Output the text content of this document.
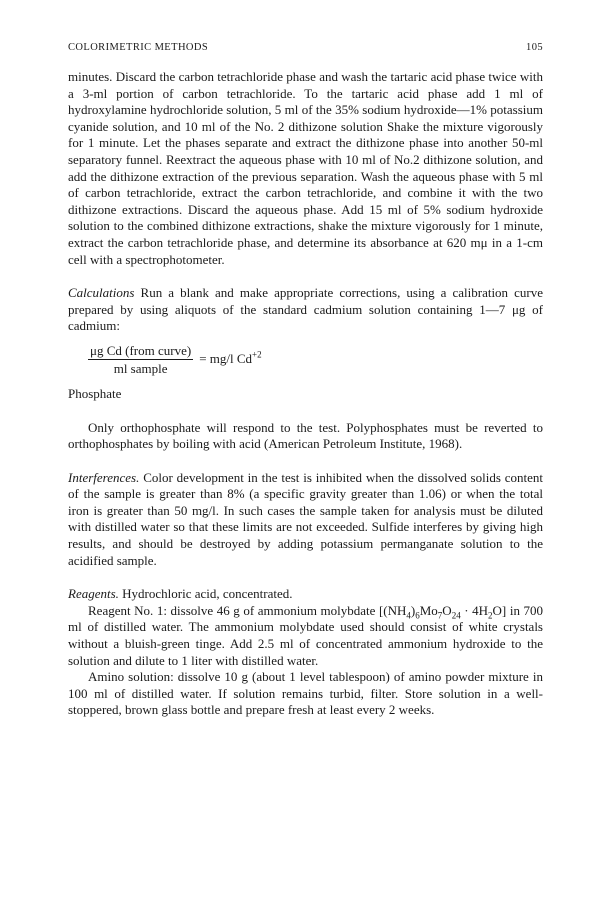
COLORIMETRIC METHODS	105

minutes. Discard the carbon tetrachloride phase and wash the tartaric acid phase twice with a 3-ml portion of carbon tetrachloride. To the tartaric acid phase add 1 ml of hydroxylamine hydrochloride solution, 5 ml of the 35% sodium hydroxide—1% potassium cyanide solution, and 10 ml of the No. 2 dithizone solution Shake the mixture vigorously for 1 minute. Let the phases separate and extract the dithizone phase into another 50-ml separatory funnel. Reextract the aqueous phase with 10 ml of No.2 dithizone solution, and add the dithizone extraction of the previous separation. Wash the aqueous phase with 5 ml of carbon tetrachloride, extract the carbon tetrachloride, and combine it with the two dithizone extractions. Discard the aqueous phase. Add 15 ml of 5% sodium hydroxide solution to the combined dithizone extractions, shake the mixture vigorously for 1 minute, extract the carbon tetrachloride phase, and determine its absorbance at 620 mμ in a 1-cm cell with a spectrophotometer.

Calculations Run a blank and make appropriate corrections, using a calibration curve prepared by using aliquots of the standard cadmium solution containing 1—7 μg of cadmium:

$\frac{\text{μg Cd (from curve)}}{\text{ml sample}} = mg/l$ $Cd^{+2}$
Phosphate

Only orthophosphate will respond to the test. Polyphosphates must be reverted to orthophosphates by boiling with acid (American Petroleum Institute, 1968).

Interferences. Color development in the test is inhibited when the dissolved solids content of the sample is greater than 8% (a specific gravity greater than 1.06) or when the total iron is greater than 50 mg/l. In such cases the sample taken for analysis must be diluted with distilled water so that these limits are not exceeded. Sulfide interferes by giving high results, and should be destroyed by adding potassium permanganate solution to the acidified sample.

Reagents. Hydrochloric acid, concentrated.

Reagent No. 1: dissolve 46 g of ammonium molybdate $[(NH_4)_6Mo_7O_{24} \cdot 4H_2O]$ in 700 ml of distilled water. The ammonium molybdate used should consist of white crystals without a bluish-green tinge. Add 2.5 ml of concentrated ammonium hydroxide to the solution and dilute to 1 liter with distilled water.

Amino solution: dissolve 10 g (about 1 level tablespoon) of amino powder mixture in 100 ml of distilled water. If solution remains turbid, filter. Store solution in a well-stoppered, brown glass bottle and prepare fresh at least every 2 weeks.
